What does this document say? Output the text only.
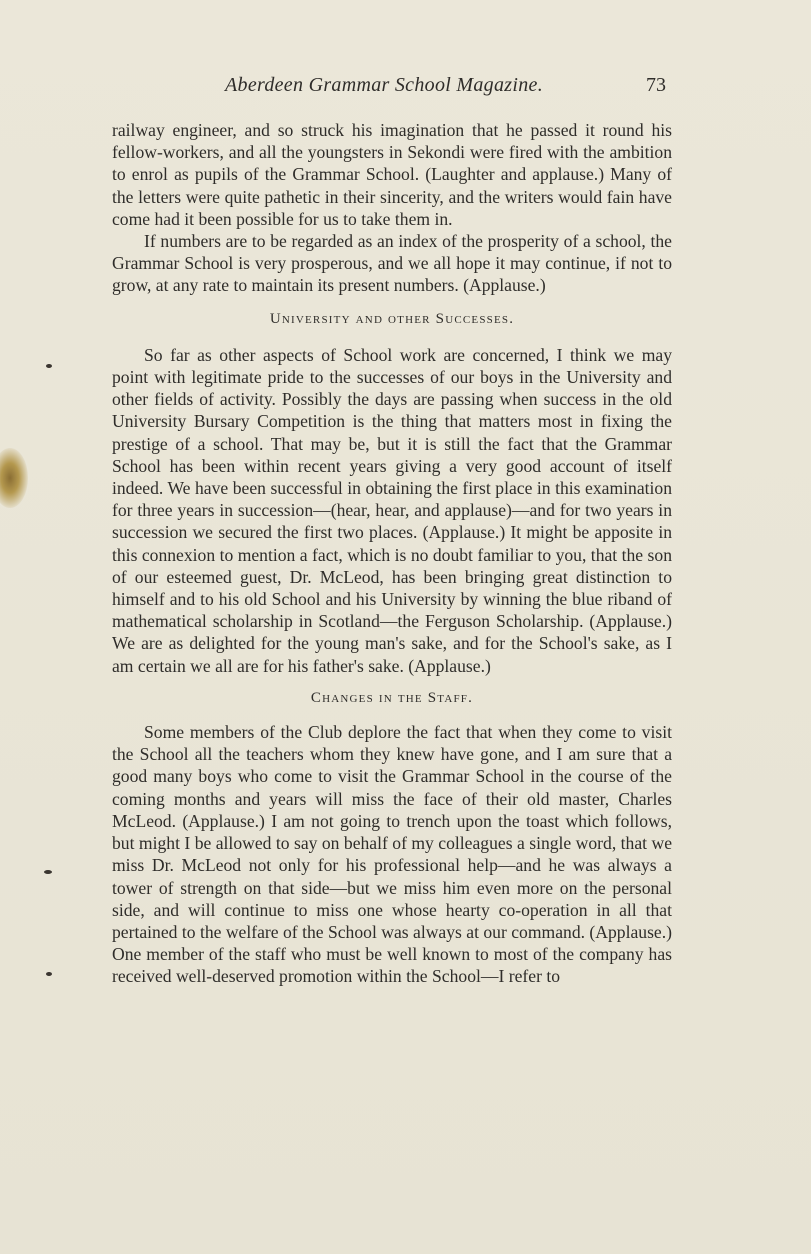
Aberdeen Grammar School Magazine.	73

railway engineer, and so struck his imagination that he passed it round his fellow-workers, and all the youngsters in Sekondi were fired with the ambition to enrol as pupils of the Grammar School. (Laughter and applause.) Many of the letters were quite pathetic in their sincerity, and the writers would fain have come had it been possible for us to take them in.

If numbers are to be regarded as an index of the prosperity of a school, the Grammar School is very prosperous, and we all hope it may continue, if not to grow, at any rate to maintain its present numbers. (Applause.)

University and other Successes.

So far as other aspects of School work are concerned, I think we may point with legitimate pride to the successes of our boys in the University and other fields of activity. Possibly the days are passing when success in the old University Bursary Competition is the thing that matters most in fixing the prestige of a school. That may be, but it is still the fact that the Grammar School has been within recent years giving a very good account of itself indeed. We have been successful in obtaining the first place in this examination for three years in succession—(hear, hear, and applause)—and for two years in succession we secured the first two places. (Applause.) It might be apposite in this connexion to mention a fact, which is no doubt familiar to you, that the son of our esteemed guest, Dr. McLeod, has been bringing great distinction to himself and to his old School and his University by winning the blue riband of mathematical scholarship in Scotland—the Ferguson Scholarship. (Applause.) We are as delighted for the young man's sake, and for the School's sake, as I am certain we all are for his father's sake. (Applause.)

Changes in the Staff.

Some members of the Club deplore the fact that when they come to visit the School all the teachers whom they knew have gone, and I am sure that a good many boys who come to visit the Grammar School in the course of the coming months and years will miss the face of their old master, Charles McLeod. (Applause.) I am not going to trench upon the toast which follows, but might I be allowed to say on behalf of my colleagues a single word, that we miss Dr. McLeod not only for his professional help—and he was always a tower of strength on that side—but we miss him even more on the personal side, and will continue to miss one whose hearty co-operation in all that pertained to the welfare of the School was always at our command. (Applause.) One member of the staff who must be well known to most of the company has received well-deserved promotion within the School—I refer to
